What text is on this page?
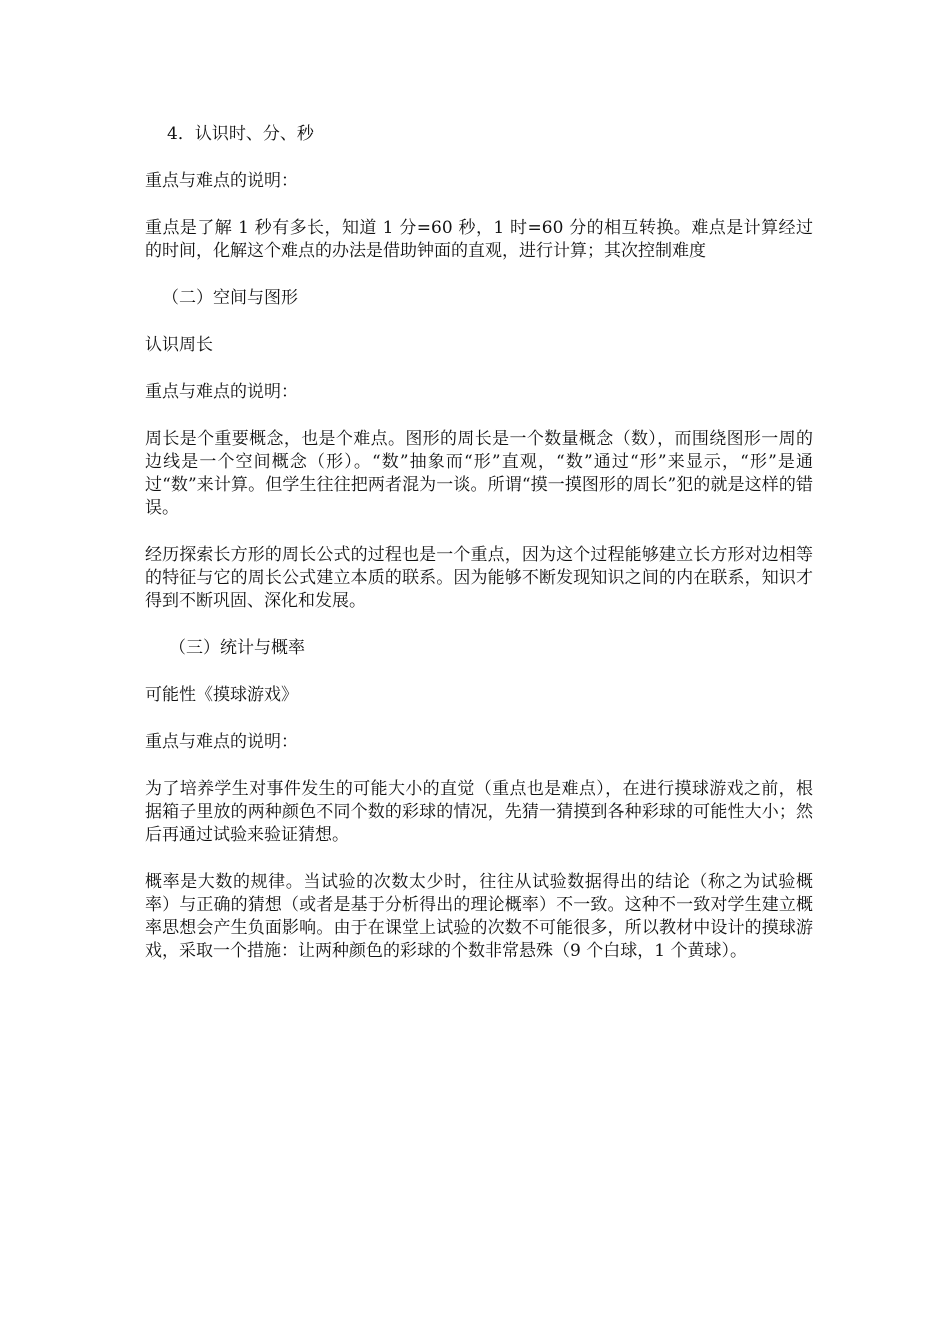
4．认识时、分、秒

重点与难点的说明：

重点是了解 1 秒有多长，知道 1 分=60 秒，1 时=60 分的相互转换。难点是计算经过的时间，化解这个难点的办法是借助钟面的直观，进行计算；其次控制难度

（二）空间与图形

认识周长

重点与难点的说明：

周长是个重要概念，也是个难点。图形的周长是一个数量概念（数），而围绕图形一周的边线是一个空间概念（形）。“数”抽象而“形”直观，“数”通过“形”来显示，“形”是通过“数”来计算。但学生往往把两者混为一谈。所谓“摸一摸图形的周长”犯的就是这样的错误。

经历探索长方形的周长公式的过程也是一个重点，因为这个过程能够建立长方形对边相等的特征与它的周长公式建立本质的联系。因为能够不断发现知识之间的内在联系，知识才得到不断巩固、深化和发展。

（三）统计与概率

可能性《摸球游戏》

重点与难点的说明：

为了培养学生对事件发生的可能大小的直觉（重点也是难点），在进行摸球游戏之前，根据箱子里放的两种颜色不同个数的彩球的情况，先猜一猜摸到各种彩球的可能性大小；然后再通过试验来验证猜想。

概率是大数的规律。当试验的次数太少时，往往从试验数据得出的结论（称之为试验概率）与正确的猜想（或者是基于分析得出的理论概率）不一致。这种不一致对学生建立概率思想会产生负面影响。由于在课堂上试验的次数不可能很多，所以教材中设计的摸球游戏，采取一个措施：让两种颜色的彩球的个数非常悬殊（9 个白球，1 个黄球）。
